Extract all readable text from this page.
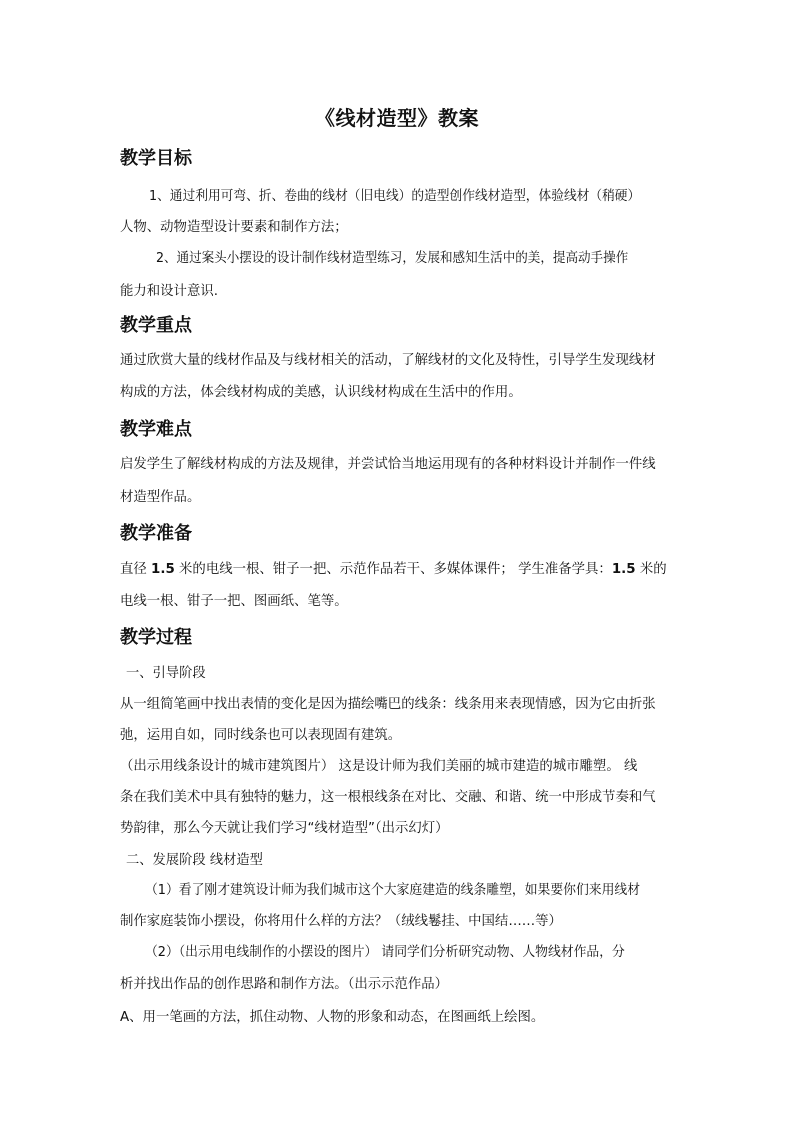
《线材造型》教案
教学目标
1、通过利用可弯、折、卷曲的线材（旧电线）的造型创作线材造型，体验线材（稍硬）
人物、动物造型设计要素和制作方法；
2、通过案头小摆设的设计制作线材造型练习，发展和感知生活中的美，提高动手操作
能力和设计意识.
教学重点
通过欣赏大量的线材作品及与线材相关的活动，了解线材的文化及特性，引导学生发现线材
构成的方法，体会线材构成的美感，认识线材构成在生活中的作用。
教学难点
启发学生了解线材构成的方法及规律，并尝试恰当地运用现有的各种材料设计并制作一件线
材造型作品。
教学准备
直径 1.5 米的电线一根、钳子一把、示范作品若干、多媒体课件； 学生准备学具：1.5 米的
电线一根、钳子一把、图画纸、笔等。
教学过程
一、引导阶段
从一组简笔画中找出表情的变化是因为描绘嘴巴的线条：线条用来表现情感，因为它由折张
弛，运用自如，同时线条也可以表现固有建筑。
（出示用线条设计的城市建筑图片） 这是设计师为我们美丽的城市建造的城市雕塑。 线
条在我们美术中具有独特的魅力，这一根根线条在对比、交融、和谐、统一中形成节奏和气
势韵律，那么今天就让我们学习“线材造型”（出示幻灯）
二、发展阶段 线材造型
（1）看了刚才建筑设计师为我们城市这个大家庭建造的线条雕塑，如果要你们来用线材
制作家庭装饰小摆设，你将用什么样的方法？（绒线鬈挂、中国结……等）
（2）（出示用电线制作的小摆设的图片） 请同学们分析研究动物、人物线材作品，分
析并找出作品的创作思路和制作方法。（出示示范作品）
A、用一笔画的方法，抓住动物、人物的形象和动态，在图画纸上绘图。
